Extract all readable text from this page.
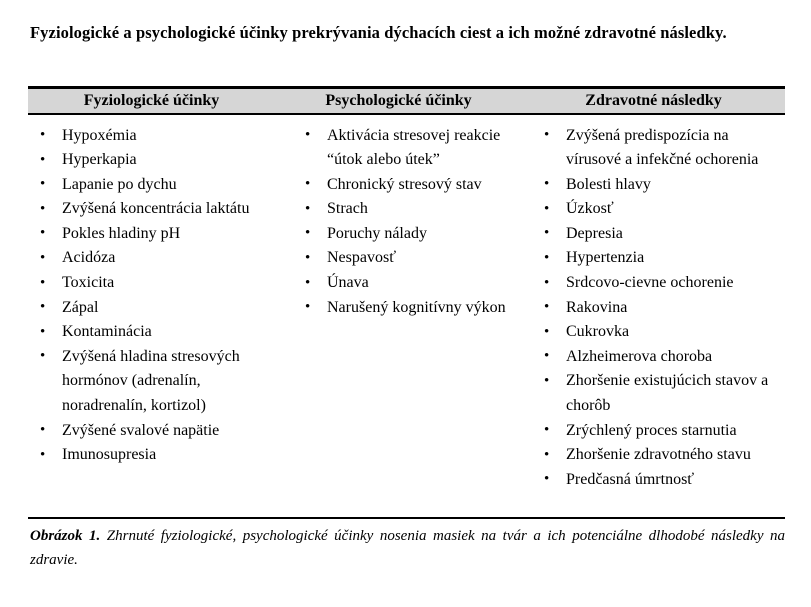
Fyziologické a psychologické účinky prekrývania dýchacích ciest a ich možné zdravotné následky.
Fyziologické účinky	Psychologické účinky	Zdravotné následky
• Hypoxémia
• Hyperkapia
• Lapanie po dychu
• Zvýšená koncentrácia laktátu
• Pokles hladiny pH
• Acidóza
• Toxicita
• Zápal
• Kontaminácia
• Zvýšená hladina stresových hormónov (adrenalín, noradrenalín, kortizol)
• Zvýšené svalové napätie
• Imunosupresia
• Aktivácia stresovej reakcie “útok alebo útek”
• Chronický stresový stav
• Strach
• Poruchy nálady
• Nespavosť
• Únava
• Narušený kognitívny výkon
• Zvýšená predispozícia na vírusové a infekčné ochorenia
• Bolesti hlavy
• Úzkosť
• Depresia
• Hypertenzia
• Srdcovo-cievne ochorenie
• Rakovina
• Cukrovka
• Alzheimerova choroba
• Zhoršenie existujúcich stavov a chorôb
• Zrýchlený proces starnutia
• Zhoršenie zdravotného stavu
• Predčasná úmrtnosť
Obrázok 1. Zhrnuté fyziologické, psychologické účinky nosenia masiek na tvár a ich potenciálne dlhodobé následky na zdravie.
